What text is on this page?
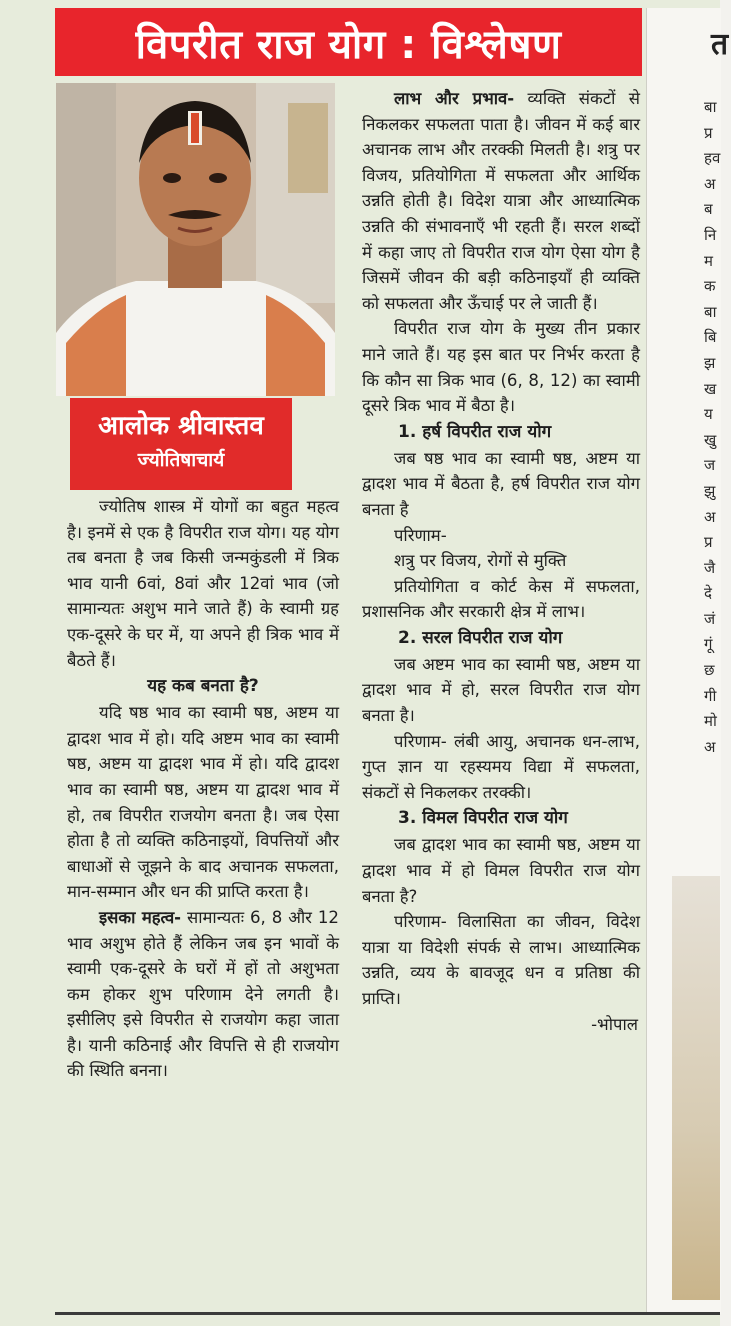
त
बा
प्र
हव
अ
ब
नि
म
क
बा
बि
झ
ख
य
खु
ज
झु
अ
प्र
जै
दे
जं
गूं
छ
गी
मो
अ
विपरीत राज योग : विश्लेषण
आलोक श्रीवास्तव
ज्योतिषाचार्य

ज्योतिष शास्त्र में योगों का बहुत महत्व है। इनमें से एक है विपरीत राज योग। यह योग तब बनता है जब किसी जन्मकुंडली में त्रिक भाव यानी 6वां, 8वां और 12वां भाव (जो सामान्यतः अशुभ माने जाते हैं) के स्वामी ग्रह एक-दूसरे के घर में, या अपने ही त्रिक भाव में बैठते हैं।

यह कब बनता है?

यदि षष्ठ भाव का स्वामी षष्ठ, अष्टम या द्वादश भाव में हो। यदि अष्टम भाव का स्वामी षष्ठ, अष्टम या द्वादश भाव में हो। यदि द्वादश भाव का स्वामी षष्ठ, अष्टम या द्वादश भाव में हो, तब विपरीत राजयोग बनता है। जब ऐसा होता है तो व्यक्ति कठिनाइयों, विपत्तियों और बाधाओं से जूझने के बाद अचानक सफलता, मान-सम्मान और धन की प्राप्ति करता है।

इसका महत्व- सामान्यतः 6, 8 और 12 भाव अशुभ होते हैं लेकिन जब इन भावों के स्वामी एक-दूसरे के घरों में हों तो अशुभता कम होकर शुभ परिणाम देने लगती है। इसीलिए इसे विपरीत से राजयोग कहा जाता है। यानी कठिनाई और विपत्ति से ही राजयोग की स्थिति बनना।

लाभ और प्रभाव- व्यक्ति संकटों से निकलकर सफलता पाता है। जीवन में कई बार अचानक लाभ और तरक्की मिलती है। शत्रु पर विजय, प्रतियोगिता में सफलता और आर्थिक उन्नति होती है। विदेश यात्रा और आध्यात्मिक उन्नति की संभावनाएँ भी रहती हैं। सरल शब्दों में कहा जाए तो विपरीत राज योग ऐसा योग है जिसमें जीवन की बड़ी कठिनाइयाँ ही व्यक्ति को सफलता और ऊँचाई पर ले जाती हैं।

विपरीत राज योग के मुख्य तीन प्रकार माने जाते हैं। यह इस बात पर निर्भर करता है कि कौन सा त्रिक भाव (6, 8, 12) का स्वामी दूसरे त्रिक भाव में बैठा है।

1. हर्ष विपरीत राज योग

जब षष्ठ भाव का स्वामी षष्ठ, अष्टम या द्वादश भाव में बैठता है, हर्ष विपरीत राज योग बनता है

परिणाम-

शत्रु पर विजय, रोगों से मुक्ति

प्रतियोगिता व कोर्ट केस में सफलता, प्रशासनिक और सरकारी क्षेत्र में लाभ।

2. सरल विपरीत राज योग

जब अष्टम भाव का स्वामी षष्ठ, अष्टम या द्वादश भाव में हो, सरल विपरीत राज योग बनता है।

परिणाम- लंबी आयु, अचानक धन-लाभ, गुप्त ज्ञान या रहस्यमय विद्या में सफलता, संकटों से निकलकर तरक्की।

3. विमल विपरीत राज योग

जब द्वादश भाव का स्वामी षष्ठ, अष्टम या द्वादश भाव में हो विमल विपरीत राज योग बनता है?

परिणाम- विलासिता का जीवन, विदेश यात्रा या विदेशी संपर्क से लाभ। आध्यात्मिक उन्नति, व्यय के बावजूद धन व प्रतिष्ठा की प्राप्ति।

-भोपाल
